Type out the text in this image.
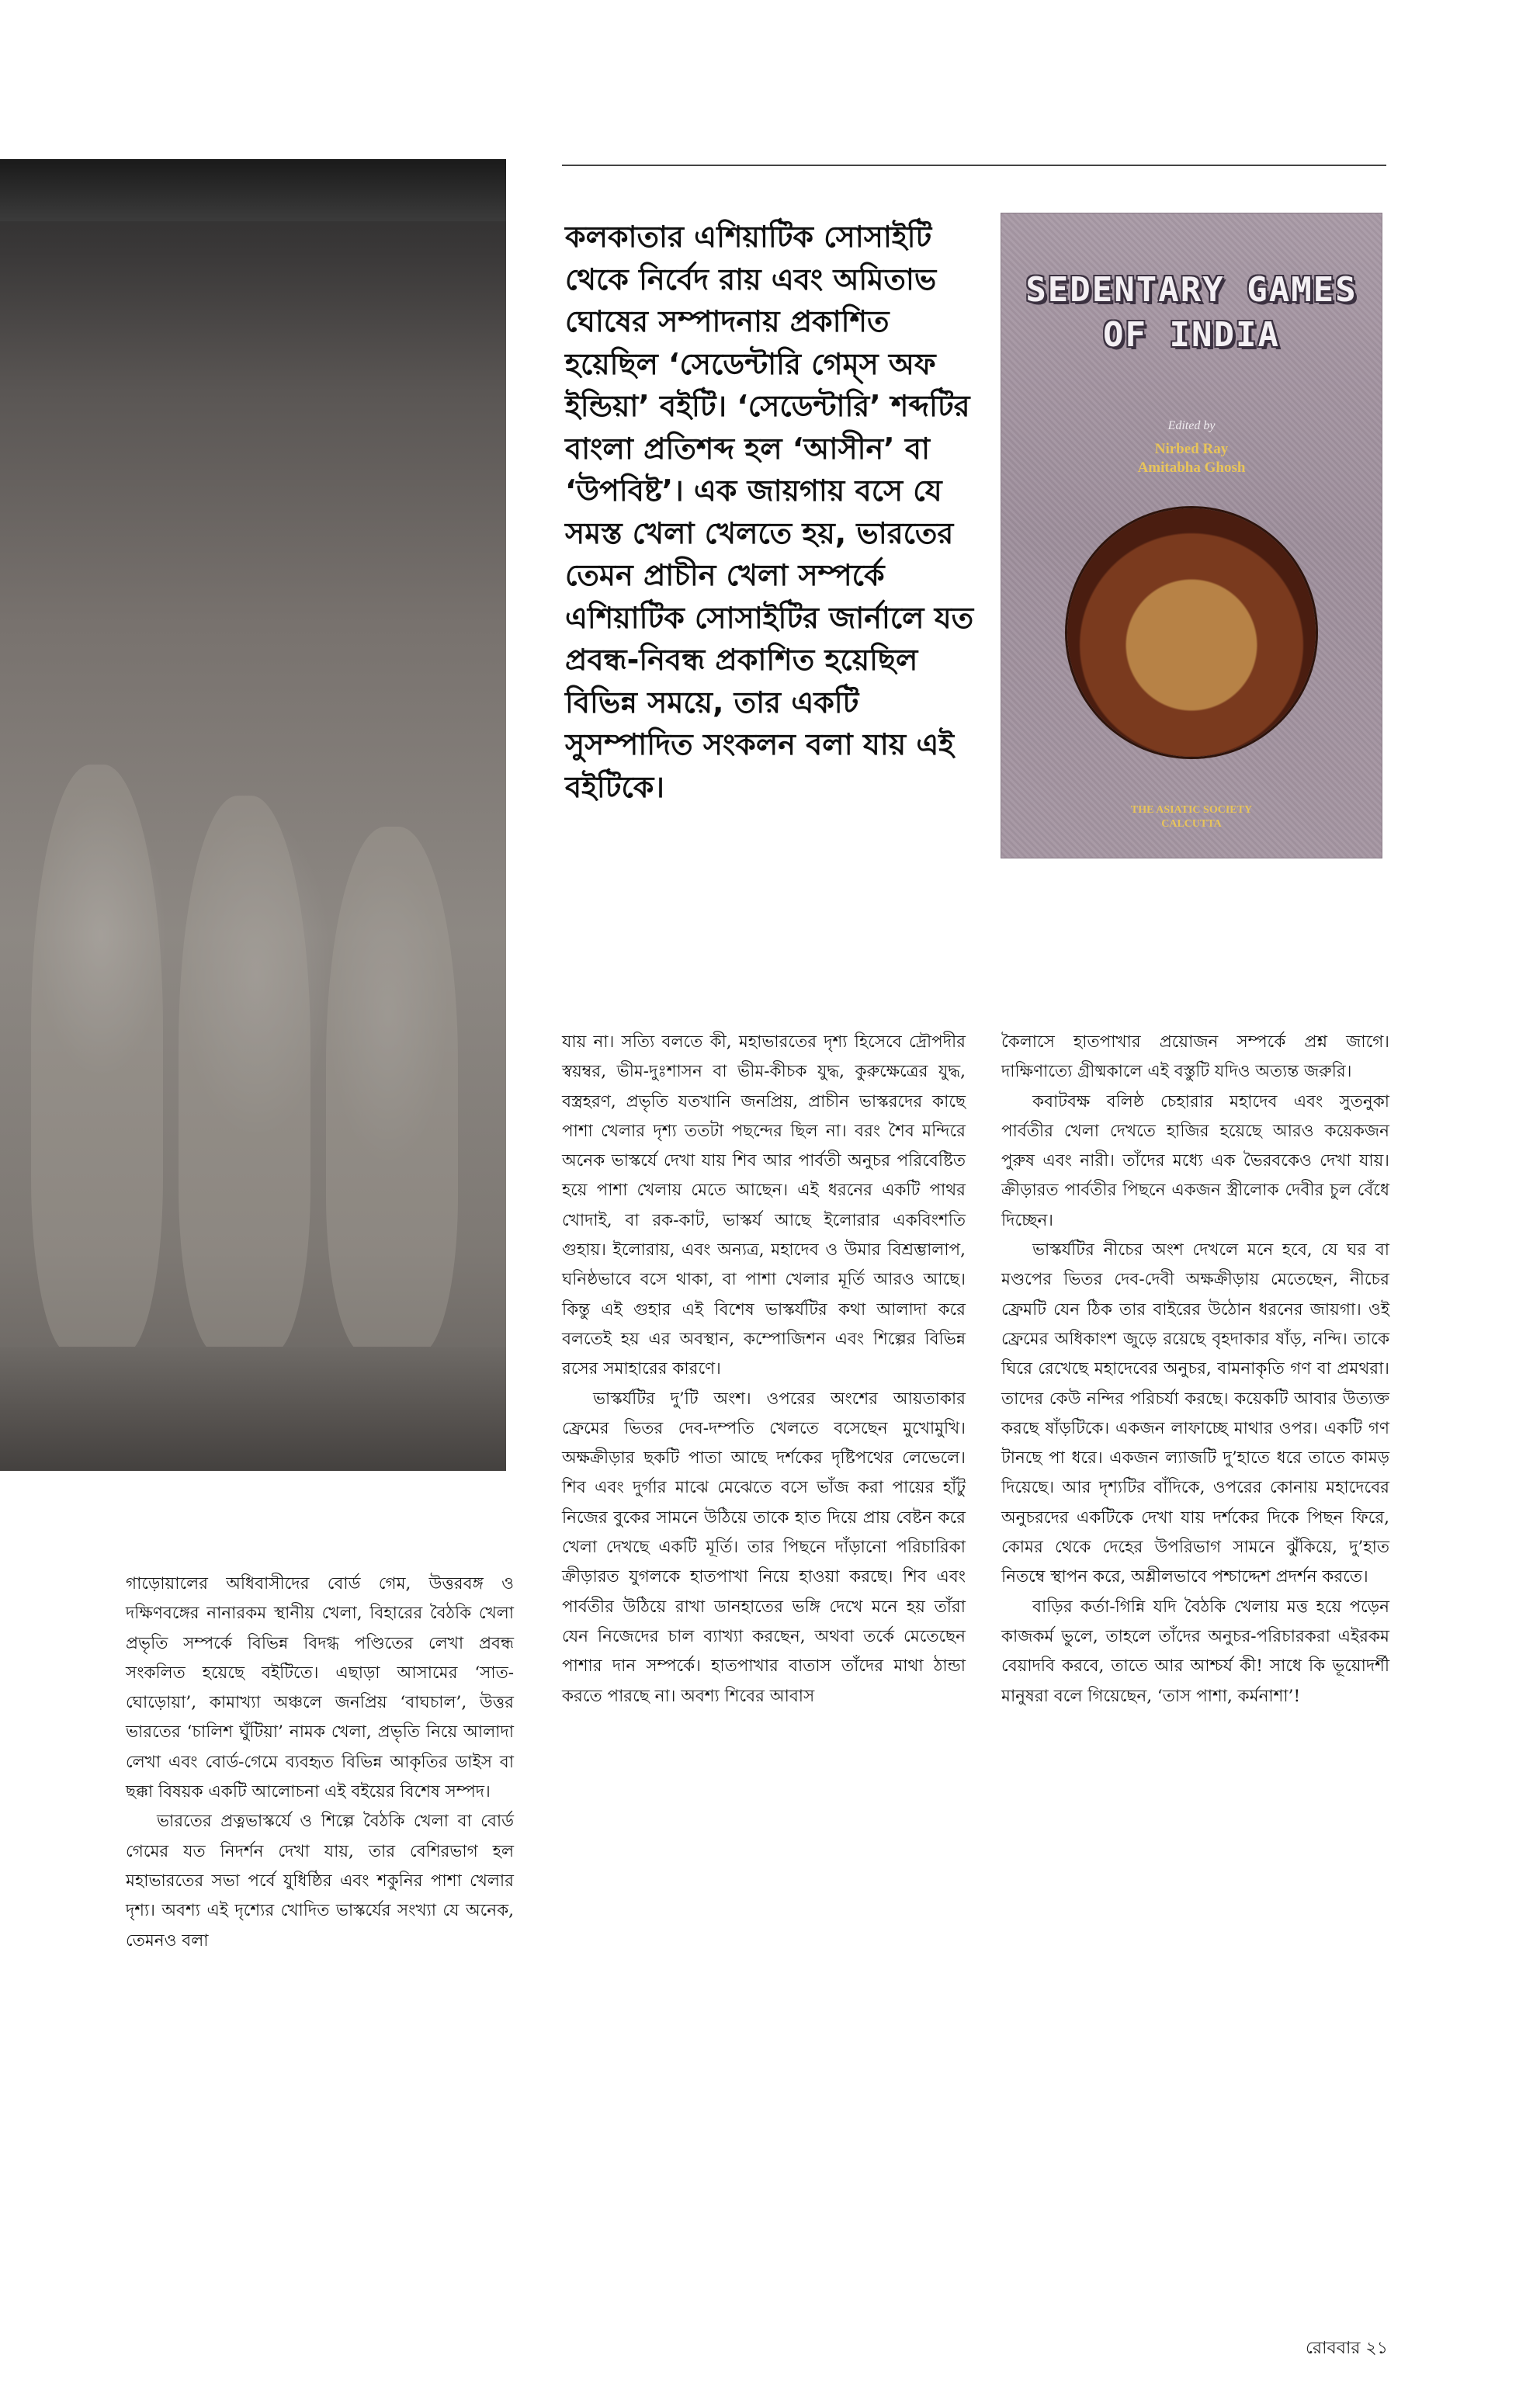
কলকাতার এশিয়াটিক সোসাইটি থেকে নির্বেদ রায় এবং অমিতাভ ঘোষের সম্পাদনায় প্রকাশিত হয়েছিল ‘সেডেন্টারি গেম্‌স অফ ইন্ডিয়া’ বইটি। ‘সেডেন্টারি’ শব্দটির বাংলা প্রতিশব্দ হল ‘আসীন’ বা ‘উপবিষ্ট’। এক জায়গায় বসে যে সমস্ত খেলা খেলতে হয়, ভারতের তেমন প্রাচীন খেলা সম্পর্কে এশিয়াটিক সোসাইটির জার্নালে যত প্রবন্ধ-নিবন্ধ প্রকাশিত হয়েছিল বিভিন্ন সময়ে, তার একটি সুসম্পাদিত সংকলন বলা যায় এই বইটিকে।
SEDENTARY GAMES
OF INDIA
Edited by
Nirbed Ray
Amitabha Ghosh
THE ASIATIC SOCIETY
CALCUTTA

গাড়োয়ালের অধিবাসীদের বোর্ড গেম, উত্তরবঙ্গ ও দক্ষিণবঙ্গের নানারকম স্থানীয় খেলা, বিহারের বৈঠকি খেলা প্রভৃতি সম্পর্কে বিভিন্ন বিদগ্ধ পণ্ডিতের লেখা প্রবন্ধ সংকলিত হয়েছে বইটিতে। এছাড়া আসামের ‘সাত-ঘোড়োয়া’, কামাখ্যা অঞ্চলে জনপ্রিয় ‘বাঘচাল’, উত্তর ভারতের ‘চালিশ ঘুঁটিয়া’ নামক খেলা, প্রভৃতি নিয়ে আলাদা লেখা এবং বোর্ড-গেমে ব্যবহৃত বিভিন্ন আকৃতির ডাইস বা ছক্কা বিষয়ক একটি আলোচনা এই বইয়ের বিশেষ সম্পদ।

ভারতের প্রত্নভাস্কর্যে ও শিল্পে বৈঠকি খেলা বা বোর্ড গেমের যত নিদর্শন দেখা যায়, তার বেশিরভাগ হল মহাভারতের সভা পর্বে যুধিষ্ঠির এবং শকুনির পাশা খেলার দৃশ্য। অবশ্য এই দৃশ্যের খোদিত ভাস্কর্যের সংখ্যা যে অনেক, তেমনও বলা

যায় না। সত্যি বলতে কী, মহাভারতের দৃশ্য হিসেবে দ্রৌপদীর স্বয়ম্বর, ভীম-দুঃশাসন বা ভীম-কীচক যুদ্ধ, কুরুক্ষেত্রের যুদ্ধ, বস্ত্রহরণ, প্রভৃতি যতখানি জনপ্রিয়, প্রাচীন ভাস্করদের কাছে পাশা খেলার দৃশ্য ততটা পছন্দের ছিল না। বরং শৈব মন্দিরে অনেক ভাস্কর্যে দেখা যায় শিব আর পার্বতী অনুচর পরিবেষ্টিত হয়ে পাশা খেলায় মেতে আছেন। এই ধরনের একটি পাথর খোদাই, বা রক-কাট, ভাস্কর্য আছে ইলোরার একবিংশতি গুহায়। ইলোরায়, এবং অন্যত্র, মহাদেব ও উমার বিশ্রম্ভালাপ, ঘনিষ্ঠভাবে বসে থাকা, বা পাশা খেলার মূর্তি আরও আছে। কিন্তু এই গুহার এই বিশেষ ভাস্কর্যটির কথা আলাদা করে বলতেই হয় এর অবস্থান, কম্পোজিশন এবং শিল্পের বিভিন্ন রসের সমাহারের কারণে।

ভাস্কর্যটির দু’টি অংশ। ওপরের অংশের আয়তাকার ফ্রেমের ভিতর দেব-দম্পতি খেলতে বসেছেন মুখোমুখি। অক্ষক্রীড়ার ছকটি পাতা আছে দর্শকের দৃষ্টিপথের লেভেলে। শিব এবং দুর্গার মাঝে মেঝেতে বসে ভাঁজ করা পায়ের হাঁটু নিজের বুকের সামনে উঠিয়ে তাকে হাত দিয়ে প্রায় বেষ্টন করে খেলা দেখছে একটি মূর্তি। তার পিছনে দাঁড়ানো পরিচারিকা ক্রীড়ারত যুগলকে হাতপাখা নিয়ে হাওয়া করছে। শিব এবং পার্বতীর উঠিয়ে রাখা ডানহাতের ভঙ্গি দেখে মনে হয় তাঁরা যেন নিজেদের চাল ব্যাখ্যা করছেন, অথবা তর্কে মেতেছেন পাশার দান সম্পর্কে। হাতপাখার বাতাস তাঁদের মাথা ঠান্ডা করতে পারছে না। অবশ্য শিবের আবাস

কৈলাসে হাতপাখার প্রয়োজন সম্পর্কে প্রশ্ন জাগে। দাক্ষিণাত্যে গ্রীষ্মকালে এই বস্তুটি যদিও অত্যন্ত জরুরি।

কবাটবক্ষ বলিষ্ঠ চেহারার মহাদেব এবং সুতনুকা পার্বতীর খেলা দেখতে হাজির হয়েছে আরও কয়েকজন পুরুষ এবং নারী। তাঁদের মধ্যে এক ভৈরবকেও দেখা যায়। ক্রীড়ারত পার্বতীর পিছনে একজন স্ত্রীলোক দেবীর চুল বেঁধে দিচ্ছেন।

ভাস্কর্যটির নীচের অংশ দেখলে মনে হবে, যে ঘর বা মণ্ডপের ভিতর দেব-দেবী অক্ষক্রীড়ায় মেতেছেন, নীচের ফ্রেমটি যেন ঠিক তার বাইরের উঠোন ধরনের জায়গা। ওই ফ্রেমের অধিকাংশ জুড়ে রয়েছে বৃহদাকার ষাঁড়, নন্দি। তাকে ঘিরে রেখেছে মহাদেবের অনুচর, বামনাকৃতি গণ বা প্রমথরা। তাদের কেউ নন্দির পরিচর্যা করছে। কয়েকটি আবার উত্যক্ত করছে ষাঁড়টিকে। একজন লাফাচ্ছে মাথার ওপর। একটি গণ টানছে পা ধরে। একজন ল্যাজটি দু’হাতে ধরে তাতে কামড় দিয়েছে। আর দৃশ্যটির বাঁদিকে, ওপরের কোনায় মহাদেবের অনুচরদের একটিকে দেখা যায় দর্শকের দিকে পিছন ফিরে, কোমর থেকে দেহের উপরিভাগ সামনে ঝুঁকিয়ে, দু’হাত নিতম্বে স্থাপন করে, অশ্লীলভাবে পশ্চাদ্দেশ প্রদর্শন করতে।

বাড়ির কর্তা-গিন্নি যদি বৈঠকি খেলায় মত্ত হয়ে পড়েন কাজকর্ম ভুলে, তাহলে তাঁদের অনুচর-পরিচারকরা এইরকম বেয়াদবি করবে, তাতে আর আশ্চর্য কী! সাধে কি ভূয়োদর্শী মানুষরা বলে গিয়েছেন, ‘তাস পাশা, কর্মনাশা’!

রোববার ২১
